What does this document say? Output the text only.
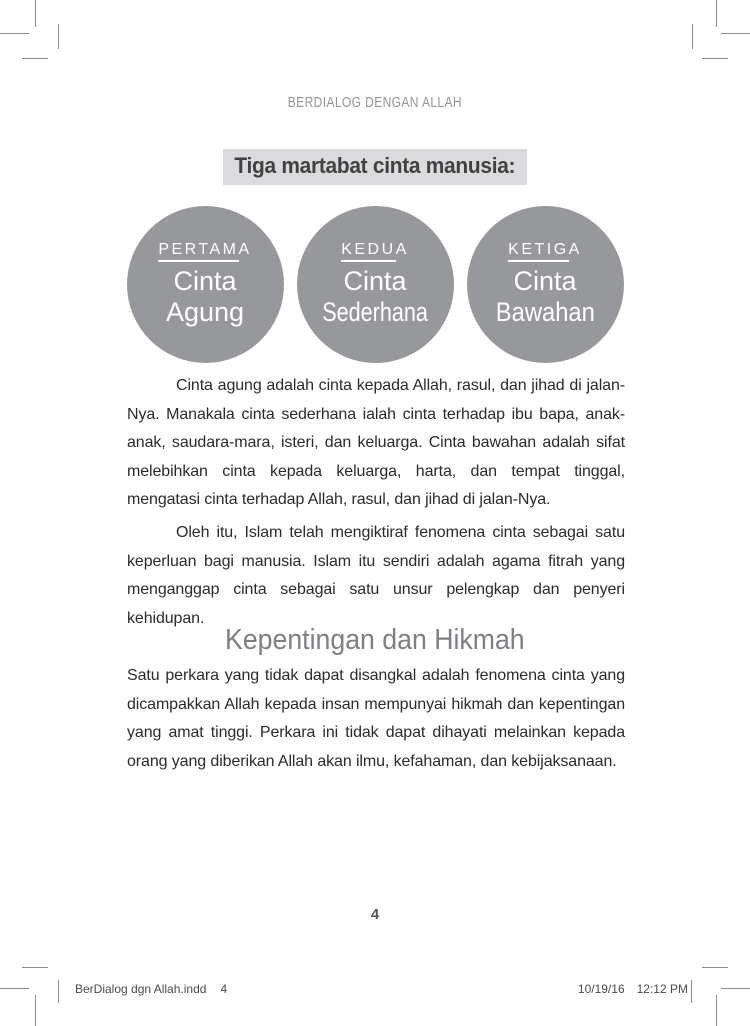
BERDIALOG DENGAN ALLAH
Tiga martabat cinta manusia:
PERTAMA
Cinta
Agung
KEDUA
Cinta
Sederhana
KETIGA
Cinta
Bawahan

Cinta agung adalah cinta kepada Allah, rasul, dan jihad di jalan-Nya. Manakala cinta sederhana ialah cinta terhadap ibu bapa, anak-anak, saudara-mara, isteri, dan keluarga. Cinta bawahan adalah sifat melebihkan cinta kepada keluarga, harta, dan tempat tinggal, mengatasi cinta terhadap Allah, rasul, dan jihad di jalan-Nya.

Oleh itu, Islam telah mengiktiraf fenomena cinta sebagai satu keperluan bagi manusia. Islam itu sendiri adalah agama fitrah yang menganggap cinta sebagai satu unsur pelengkap dan penyeri kehidupan.

Kepentingan dan Hikmah

Satu perkara yang tidak dapat disangkal adalah fenomena cinta yang dicampakkan Allah kepada insan mempunyai hikmah dan kepentingan yang amat tinggi. Perkara ini tidak dapat dihayati melainkan kepada orang yang diberikan Allah akan ilmu, kefahaman, dan kebijaksanaan.

4
BerDialog dgn Allah.indd 4	10/19/16 12:12 PM
